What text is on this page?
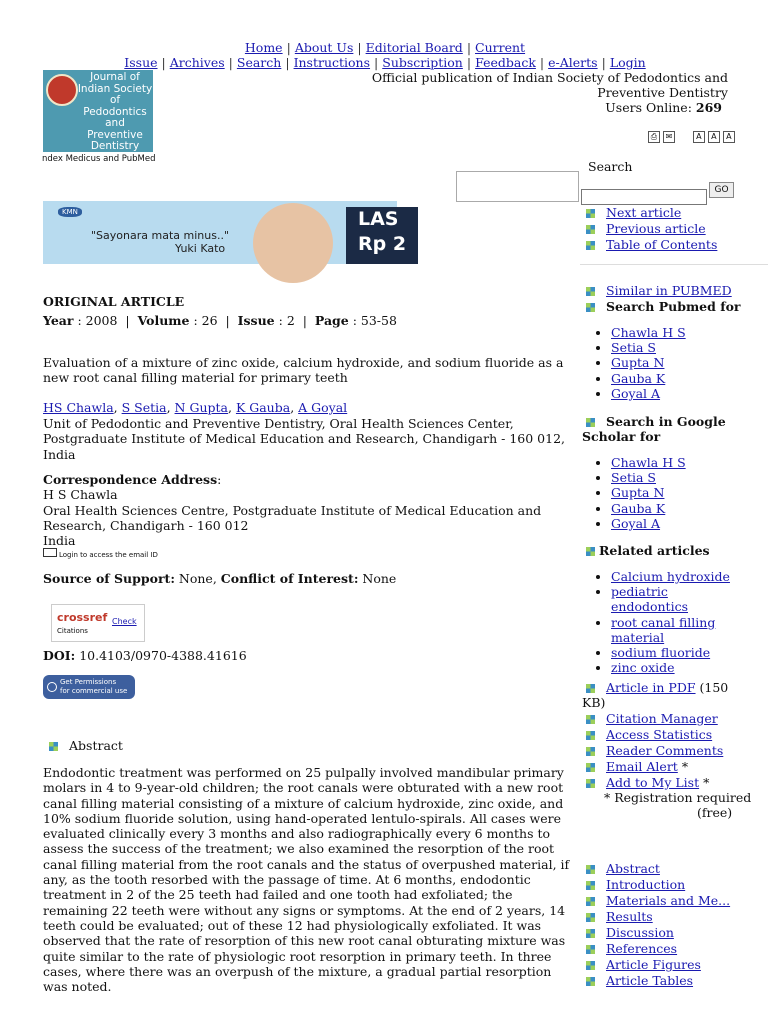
Home | About Us | Editorial Board | Current Issue | Archives | Search | Instructions | Subscription | Feedback | e-Alerts | Login
Journal of Indian Society of Pedodontics and Preventive Dentistry
ndex Medicus and PubMed
Official publication of Indian Society of Pedodontics and
Preventive Dentistry
Users Online: 269
⎙ ✉	A A A
Search
GO
KMN
"Sayonara mata minus.."
Yuki Kato
LAS
Rp 2
ORIGINAL ARTICLE
Year : 2008  |  Volume : 26  |  Issue : 2  |  Page : 53-58
Evaluation of a mixture of zinc oxide, calcium hydroxide, and sodium fluoride as a new root canal filling material for primary teeth
HS Chawla, S Setia, N Gupta, K Gauba, A Goyal
Unit of Pedodontic and Preventive Dentistry, Oral Health Sciences Center, Postgraduate Institute of Medical Education and Research, Chandigarh - 160 012, India
Correspondence Address:
H S Chawla
Oral Health Sciences Centre, Postgraduate Institute of Medical Education and Research, Chandigarh - 160 012
India
Login to access the email ID
Source of Support: None, Conflict of Interest: None
crossref
Citations
Check
DOI: 10.4103/0970-4388.41616
Get Permissions
for commercial use
Abstract
Endodontic treatment was performed on 25 pulpally involved mandibular primary molars in 4 to 9-year-old children; the root canals were obturated with a new root canal filling material consisting of a mixture of calcium hydroxide, zinc oxide, and 10% sodium fluoride solution, using hand-operated lentulo-spirals. All cases were evaluated clinically every 3 months and also radiographically every 6 months to assess the success of the treatment; we also examined the resorption of the root canal filling material from the root canals and the status of overpushed material, if any, as the tooth resorbed with the passage of time. At 6 months, endodontic treatment in 2 of the 25 teeth had failed and one tooth had exfoliated; the remaining 22 teeth were without any signs or symptoms. At the end of 2 years, 14 teeth could be evaluated; out of these 12 had physiologically exfoliated. It was observed that the rate of resorption of this new root canal obturating mixture was quite similar to the rate of physiologic root resorption in primary teeth. In three cases, where there was an overpush of the mixture, a gradual partial resorption was noted.
Next article
Previous article
Table of Contents
Similar in PUBMED
Search Pubmed for
• Chawla H S
• Setia S
• Gupta N
• Gauba K
• Goyal A
Search in Google Scholar for
• Chawla H S
• Setia S
• Gupta N
• Gauba K
• Goyal A
Related articles
• Calcium hydroxide
• pediatric endodontics
• root canal filling material
• sodium fluoride
• zinc oxide
Article in PDF (150 KB)
Citation Manager
Access Statistics
Reader Comments
Email Alert *
Add to My List *
* Registration required
(free)
Abstract
Introduction
Materials and Me...
Results
Discussion
References
Article Figures
Article Tables
